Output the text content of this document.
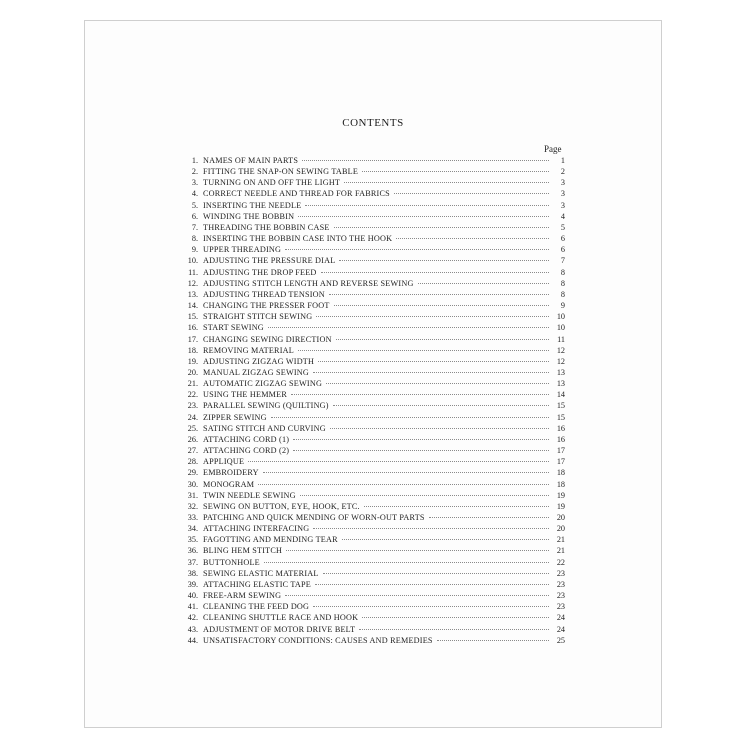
CONTENTS
Page
1. NAMES OF MAIN PARTS	1
2. FITTING THE SNAP-ON SEWING TABLE	2
3. TURNING ON AND OFF THE LIGHT	3
4. CORRECT NEEDLE AND THREAD FOR FABRICS	3
5. INSERTING THE NEEDLE	3
6. WINDING THE BOBBIN	4
7. THREADING THE BOBBIN CASE	5
8. INSERTING THE BOBBIN CASE INTO THE HOOK	6
9. UPPER THREADING	6
10. ADJUSTING THE PRESSURE DIAL	7
11. ADJUSTING THE DROP FEED	8
12. ADJUSTING STITCH LENGTH AND REVERSE SEWING	8
13. ADJUSTING THREAD TENSION	8
14. CHANGING THE PRESSER FOOT	9
15. STRAIGHT STITCH SEWING	10
16. START SEWING	10
17. CHANGING SEWING DIRECTION	11
18. REMOVING MATERIAL	12
19. ADJUSTING ZIGZAG WIDTH	12
20. MANUAL ZIGZAG SEWING	13
21. AUTOMATIC ZIGZAG SEWING	13
22. USING THE HEMMER	14
23. PARALLEL SEWING (QUILTING)	15
24. ZIPPER SEWING	15
25. SATING STITCH AND CURVING	16
26. ATTACHING CORD (1)	16
27. ATTACHING CORD (2)	17
28. APPLIQUE	17
29. EMBROIDERY	18
30. MONOGRAM	18
31. TWIN NEEDLE SEWING	19
32. SEWING ON BUTTON, EYE, HOOK, ETC.	19
33. PATCHING AND QUICK MENDING OF WORN-OUT PARTS	20
34. ATTACHING INTERFACING	20
35. FAGOTTING AND MENDING TEAR	21
36. BLING HEM STITCH	21
37. BUTTONHOLE	22
38. SEWING ELASTIC MATERIAL	23
39. ATTACHING ELASTIC TAPE	23
40. FREE-ARM SEWING	23
41. CLEANING THE FEED DOG	23
42. CLEANING SHUTTLE RACE AND HOOK	24
43. ADJUSTMENT OF MOTOR DRIVE BELT	24
44. UNSATISFACTORY CONDITIONS: CAUSES AND REMEDIES	25
